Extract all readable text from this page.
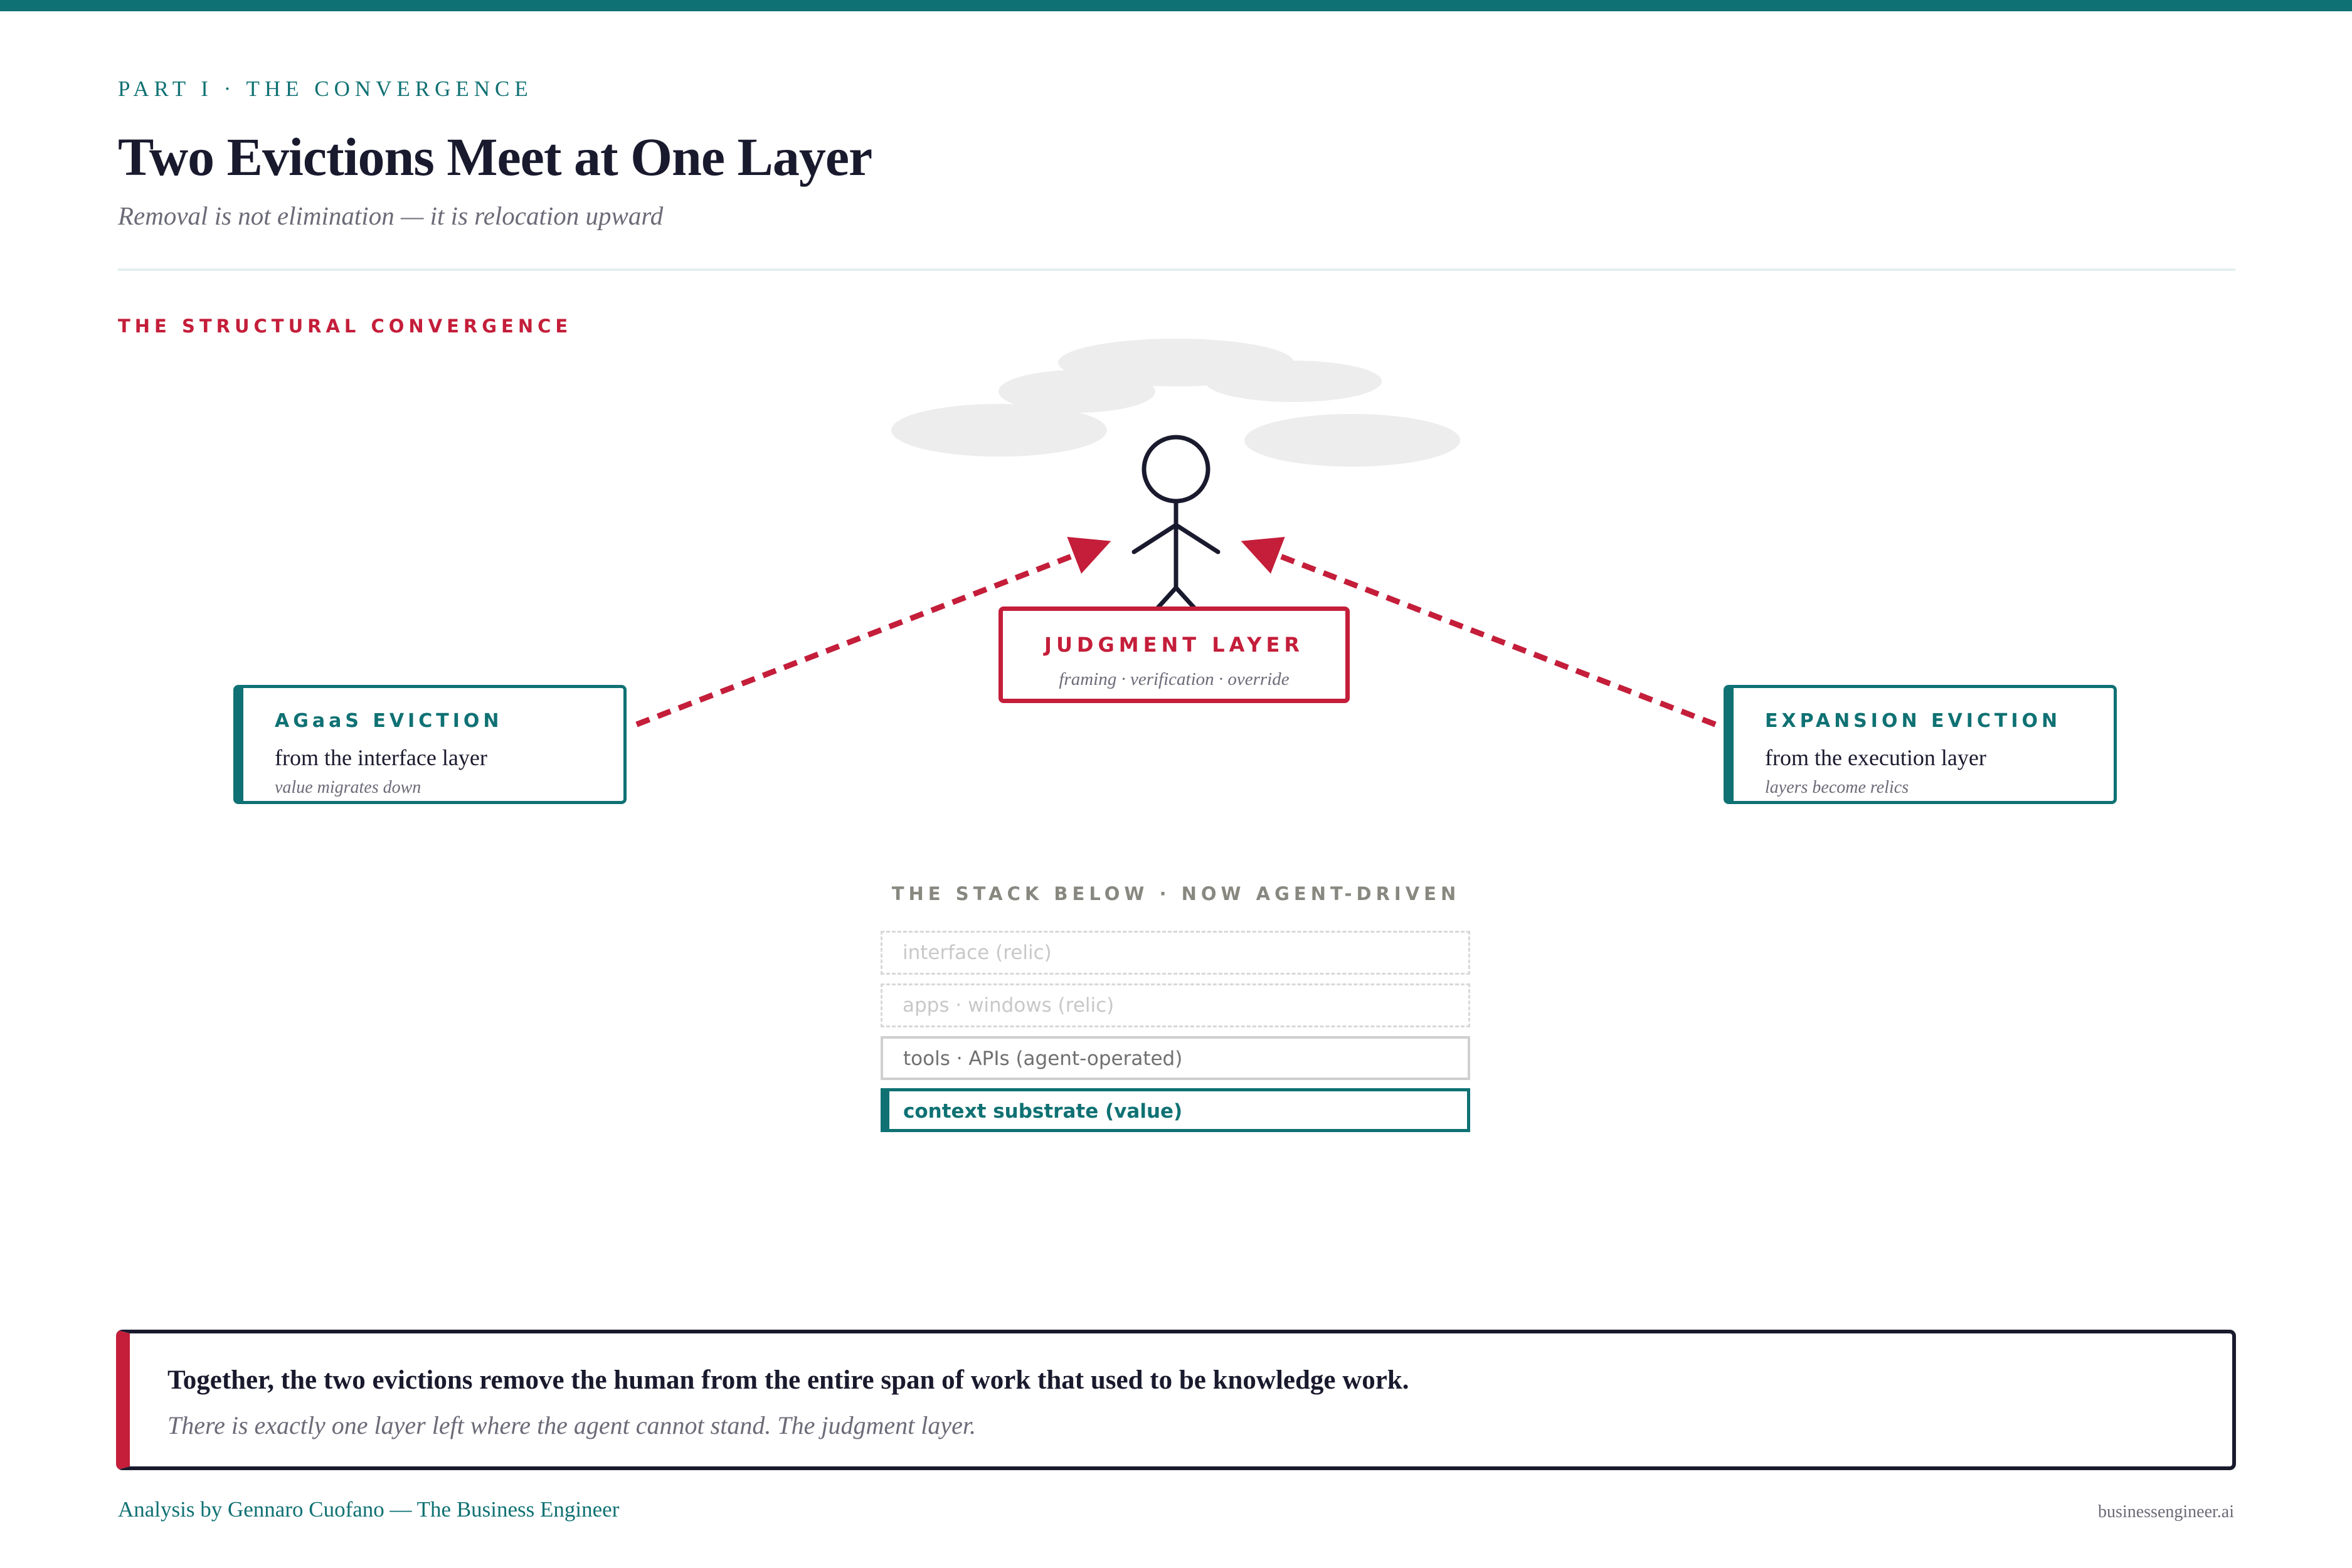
PART I · THE CONVERGENCE
Two Evictions Meet at One Layer
Removal is not elimination — it is relocation upward
THE STRUCTURAL CONVERGENCE
JUDGMENT LAYER
framing · verification · override
AGaaS EVICTION
from the interface layer
value migrates down
EXPANSION EVICTION
from the execution layer
layers become relics
THE STACK BELOW · NOW AGENT-DRIVEN
interface (relic)
apps · windows (relic)
tools · APIs (agent-operated)
context substrate (value)
Together, the two evictions remove the human from the entire span of work that used to be knowledge work.
There is exactly one layer left where the agent cannot stand. The judgment layer.
Analysis by Gennaro Cuofano — The Business Engineer	businessengineer.ai
